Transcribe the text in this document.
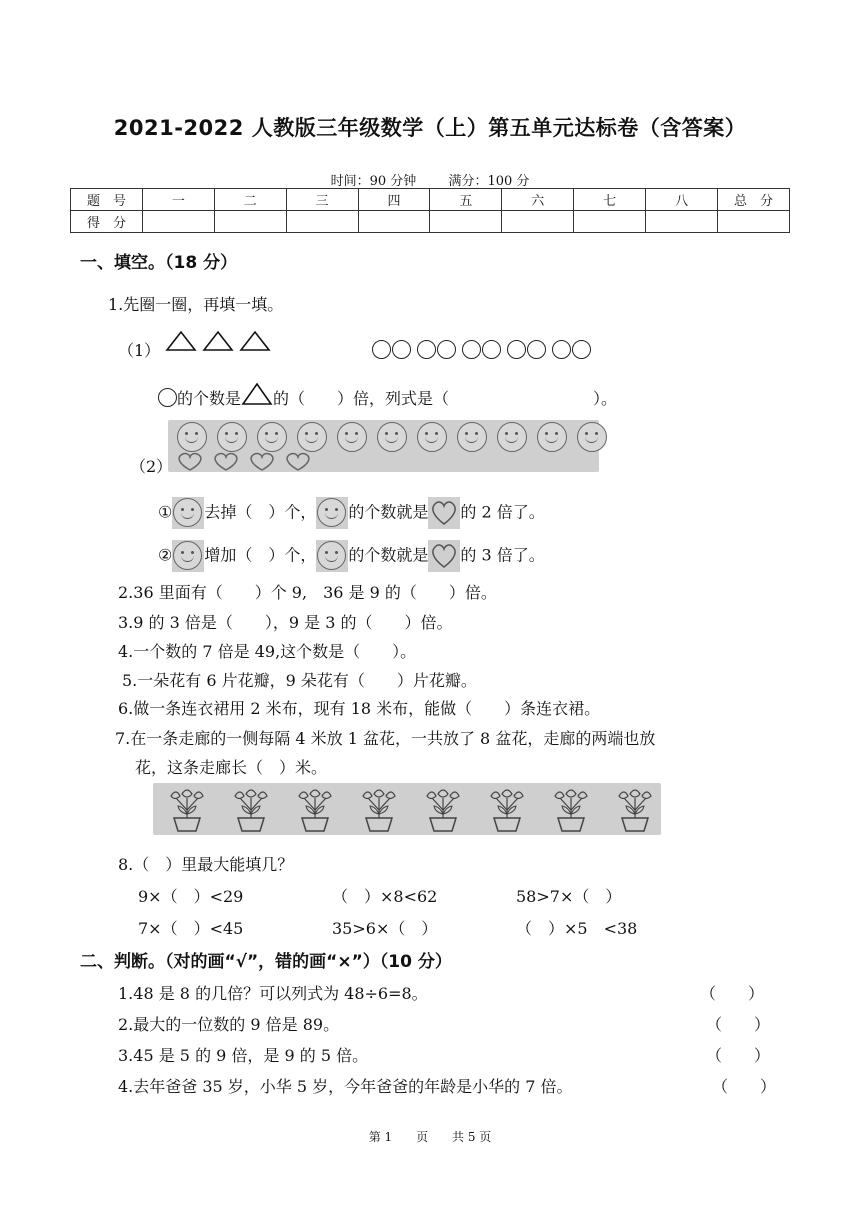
2021-2022 人教版三年级数学（上）第五单元达标卷（含答案）
时间：90 分钟 满分：100 分
题　号	一	二	三	四	五	六	七	八	总　分
得　分									
一、填空。（18 分）
1.先圈一圈，再填一填。
（1）

的个数是 的（　　）倍，列式是（　　　　　　　　　）。
（2）
① 去掉（　）个， 的个数就是 的 2 倍了。
② 增加（　）个， 的个数就是 的 3 倍了。
2.36 里面有（　　）个 9,　36 是 9 的（　　）倍。
3.9 的 3 倍是（　　），9 是 3 的（　　）倍。
4.一个数的 7 倍是 49,这个数是（　　）。
5.一朵花有 6 片花瓣，9 朵花有（　　）片花瓣。
6.做一条连衣裙用 2 米布，现有 18 米布，能做（　　）条连衣裙。
7.在一条走廊的一侧每隔 4 米放 1 盆花，一共放了 8 盆花，走廊的两端也放
花，这条走廊长（　）米。
8.（　）里最大能填几？
9×（　）<29	（　）×8<62	58>7×（　）
7×（　）<45	35>6×（　）	（　）×5　<38
二、判断。（对的画“√”，错的画“×”）（10 分）
1.48 是 8 的几倍？可以列式为 48÷6=8。	（　　）
2.最大的一位数的 9 倍是 89。	（　　）
3.45 是 5 的 9 倍，是 9 的 5 倍。	（　　）
4.去年爸爸 35 岁，小华 5 岁，今年爸爸的年龄是小华的 7 倍。	（　　）
第 1　　页 共 5 页
